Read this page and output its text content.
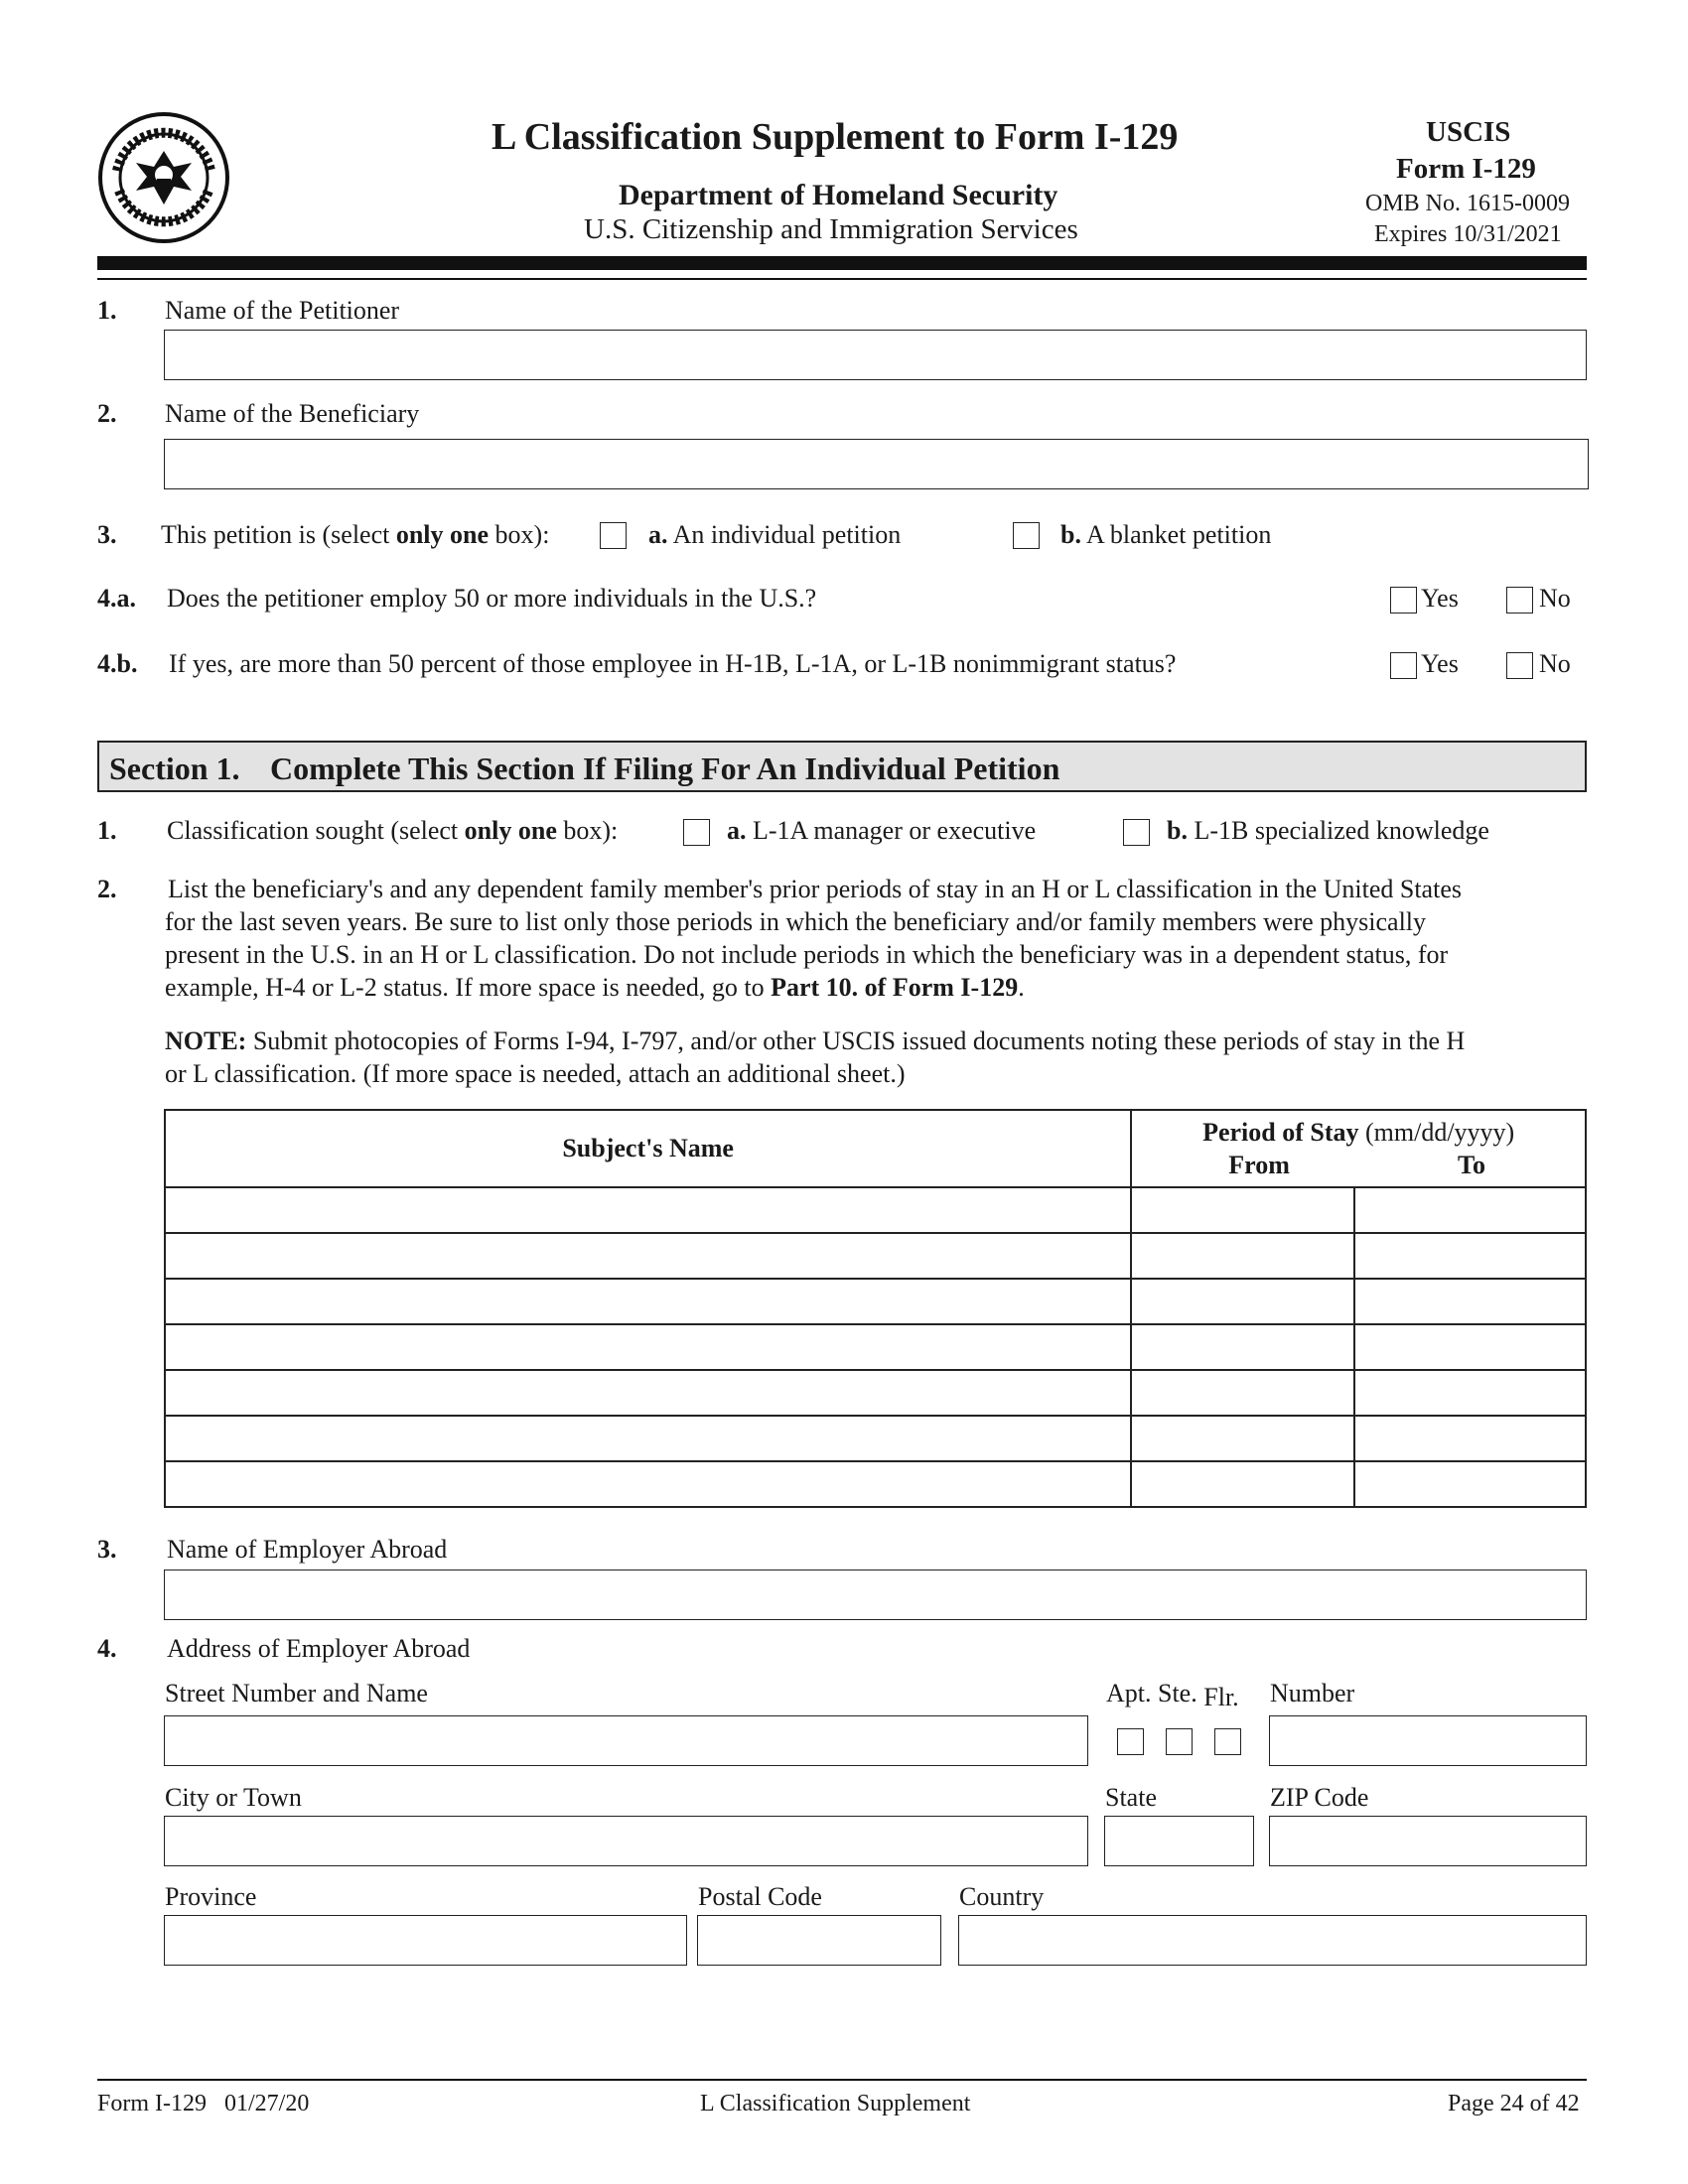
L Classification Supplement to Form I-129
Department of Homeland Security
U.S. Citizenship and Immigration Services
USCIS
Form I-129
OMB No. 1615-0009
Expires 10/31/2021
1. Name of the Petitioner
2. Name of the Beneficiary
3. This petition is (select only one box):	a. An individual petition	b. A blanket petition
4.a. Does the petitioner employ 50 or more individuals in the U.S.?	Yes	No
4.b. If yes, are more than 50 percent of those employee in H-1B, L-1A, or L-1B nonimmigrant status?	Yes	No
Section 1. Complete This Section If Filing For An Individual Petition
1. Classification sought (select only one box):	a. L-1A manager or executive	b. L-1B specialized knowledge
2. List the beneficiary's and any dependent family member's prior periods of stay in an H or L classification in the United States
for the last seven years. Be sure to list only those periods in which the beneficiary and/or family members were physically
present in the U.S. in an H or L classification. Do not include periods in which the beneficiary was in a dependent status, for
example, H-4 or L-2 status. If more space is needed, go to Part 10. of Form I-129.
NOTE: Submit photocopies of Forms I-94, I-797, and/or other USCIS issued documents noting these periods of stay in the H
or L classification. (If more space is needed, attach an additional sheet.)
Subject's Name	Period of Stay (mm/dd/yyyy)
From To	

3. Name of Employer Abroad
4. Address of Employer Abroad
Street Number and Name	Apt. Ste. Flr. Number
City or Town	State	ZIP Code
Province	Postal Code	Country
Form I-129   01/27/20	L Classification Supplement	Page 24 of 42
